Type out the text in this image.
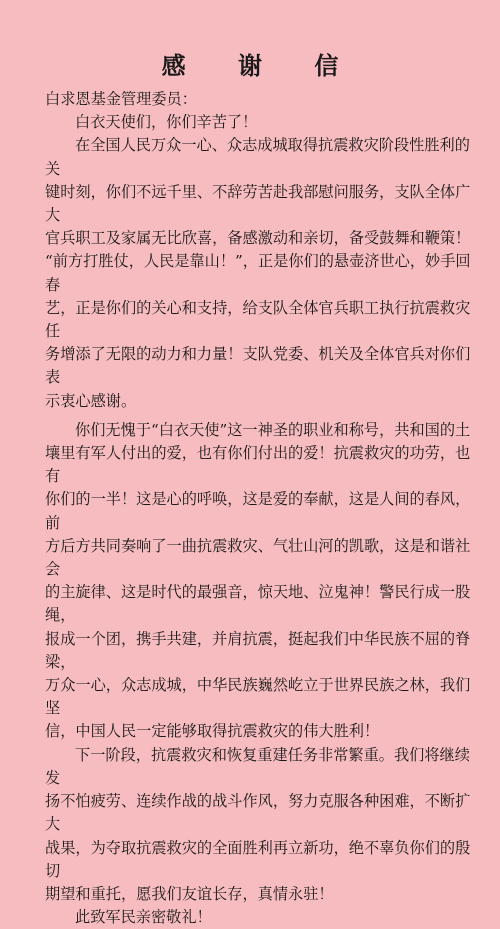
感 谢 信

白求恩基金管理委员：

白衣天使们，你们辛苦了！

在全国人民万众一心、众志成城取得抗震救灾阶段性胜利的关

键时刻，你们不远千里、不辞劳苦赴我部慰问服务，支队全体广大

官兵职工及家属无比欣喜，备感激动和亲切，备受鼓舞和鞭策！

“前方打胜仗，人民是靠山！”，正是你们的悬壶济世心，妙手回春

艺，正是你们的关心和支持，给支队全体官兵职工执行抗震救灾任

务增添了无限的动力和力量！支队党委、机关及全体官兵对你们表

示衷心感谢。

你们无愧于“白衣天使”这一神圣的职业和称号，共和国的土

壤里有军人付出的爱，也有你们付出的爱！抗震救灾的功劳，也有

你们的一半！这是心的呼唤，这是爱的奉献，这是人间的春风，前

方后方共同奏响了一曲抗震救灾、气壮山河的凯歌，这是和谐社会

的主旋律、这是时代的最强音，惊天地、泣鬼神！警民行成一股绳，

报成一个团，携手共建，并肩抗震，挺起我们中华民族不屈的脊梁，

万众一心，众志成城，中华民族巍然屹立于世界民族之林，我们坚

信，中国人民一定能够取得抗震救灾的伟大胜利！

下一阶段，抗震救灾和恢复重建任务非常繁重。我们将继续发

扬不怕疲劳、连续作战的战斗作风，努力克服各种困难，不断扩大

战果，为夺取抗震救灾的全面胜利再立新功，绝不辜负你们的殷切

期望和重托，愿我们友谊长存，真情永驻！

此致军民亲密敬礼！
